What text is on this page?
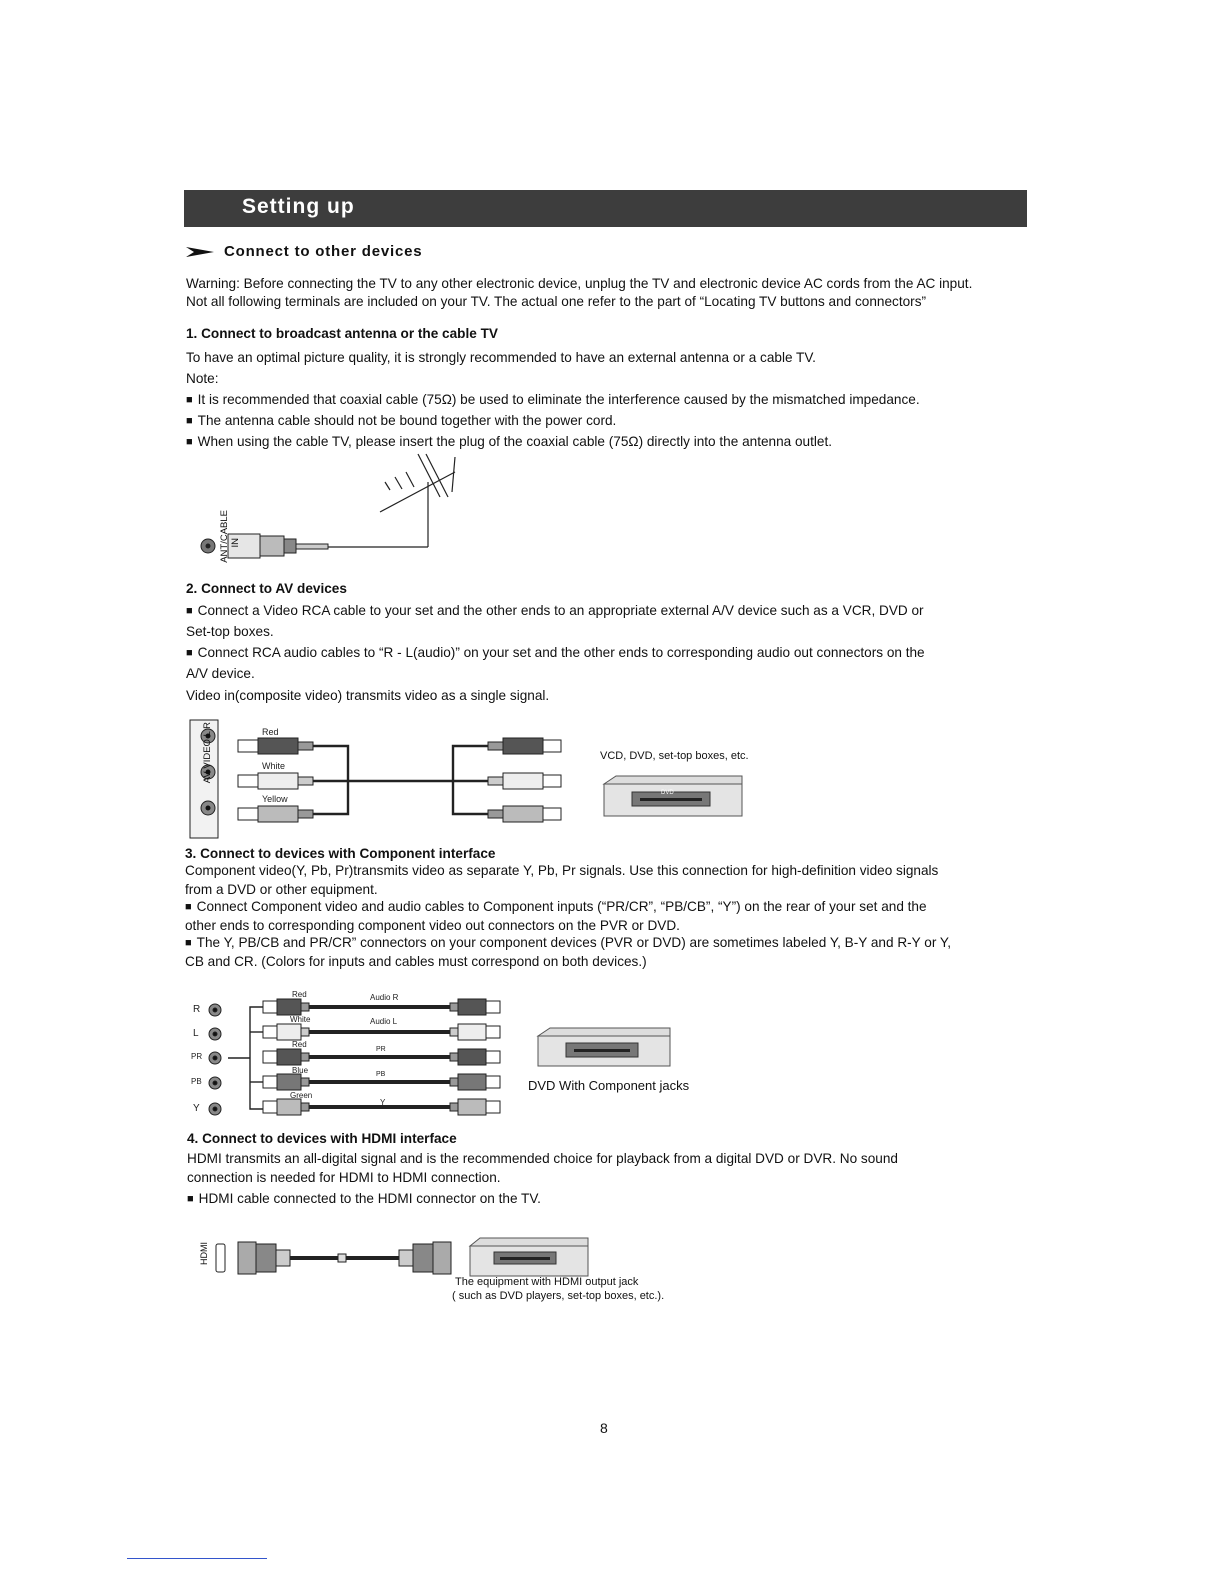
Setting up
Connect to other devices
Warning: Before connecting the TV to any other electronic device, unplug the TV and electronic device AC cords from the AC input.
Not all following terminals are included on your TV. The actual one refer to the part of “Locating TV buttons and connectors”
1. Connect to broadcast antenna or the cable TV
To have an optimal picture quality, it is strongly recommended to have an external antenna or a cable TV.
Note:
■ It is recommended that coaxial cable (75Ω) be used to eliminate the interference caused by the mismatched impedance.
■ The antenna cable should not be bound together with the power cord.
■ When using the cable TV, please insert the plug of the coaxial cable (75Ω) directly into the antenna outlet.
ANT/CABLE IN
2. Connect to AV devices
■ Connect a Video RCA cable to your set and the other ends to an appropriate external A/V device such as a VCR, DVD or
Set-top boxes.
■ Connect RCA audio cables to “R - L(audio)” on your set and the other ends to corresponding audio out connectors on the
A/V device.
Video in(composite video) transmits video as a single signal.
AV VIDEO L R	Red
White
Yellow
VCD, DVD, set-top boxes, etc.
DVD
3. Connect to devices with Component interface
Component video(Y, Pb, Pr)transmits video as separate Y, Pb, Pr signals. Use this connection for high-definition video signals
from a DVD or other equipment.
■ Connect Component video and audio cables to Component inputs (“PR/CR”, “PB/CB”, “Y”) on the rear of your set and the
other ends to corresponding component video out connectors on the PVR or DVD.
■ The Y, PB/CB and PR/CR” connectors on your component devices (PVR or DVD) are sometimes labeled Y, B-Y and R-Y or Y,
CB and CR. (Colors for inputs and cables must correspond on both devices.)
R
L
PR
PB
Y
Red
White
Red
Blue
Green
Audio R
Audio L
PR
PB
Y
DVD With Component jacks
4. Connect to devices with HDMI interface
HDMI transmits an all-digital signal and is the recommended choice for playback from a digital DVD or DVR. No sound
connection is needed for HDMI to HDMI connection.
■ HDMI cable connected to the HDMI connector on the TV.
HDMI
The equipment with HDMI output jack
( such as DVD players, set-top boxes, etc.).
8
